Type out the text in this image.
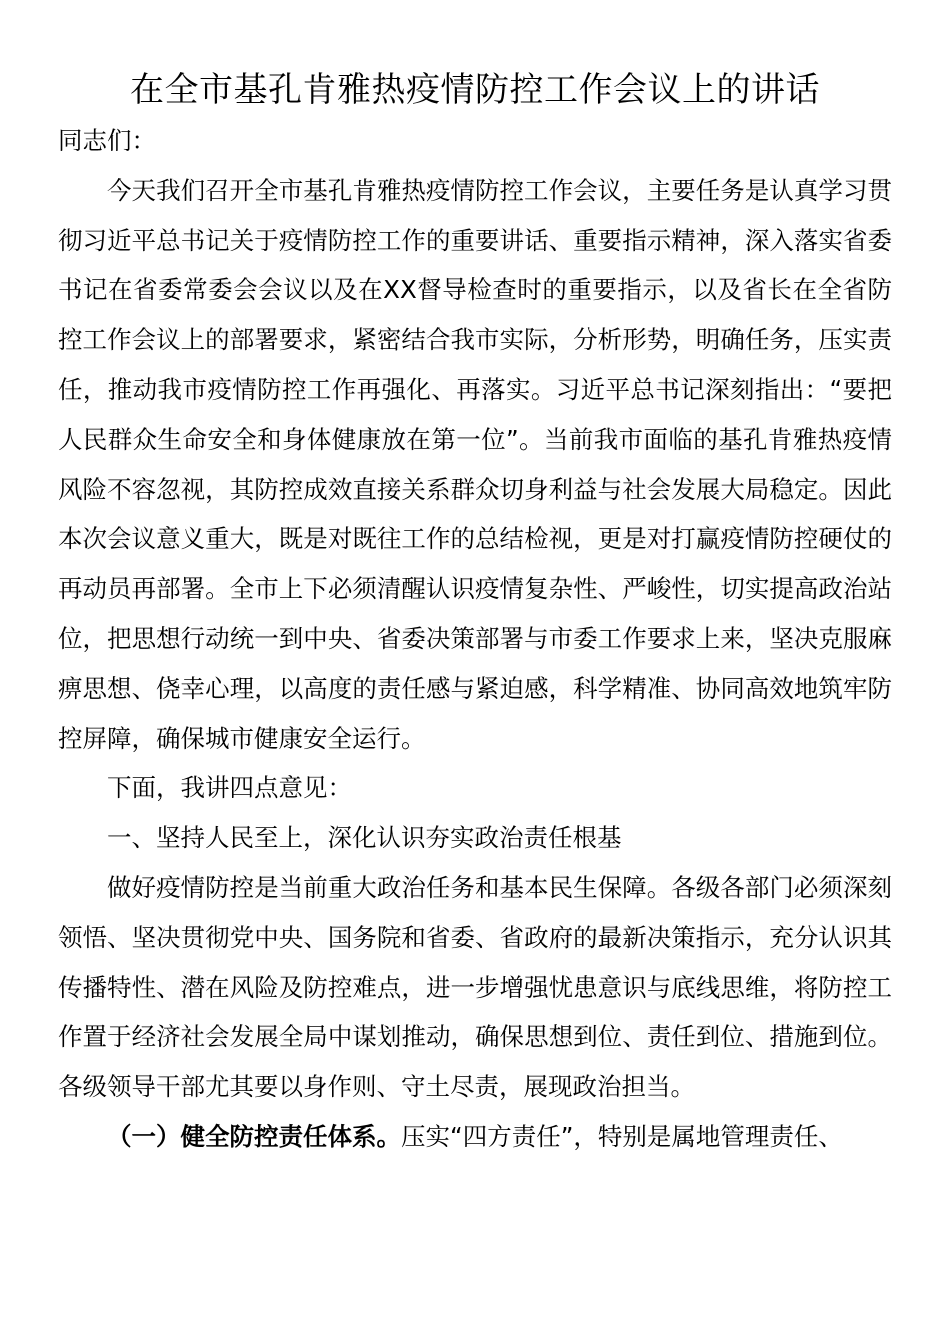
在全市基孔肯雅热疫情防控工作会议上的讲话

同志们：

今天我们召开全市基孔肯雅热疫情防控工作会议，主要任务是认真学习贯彻习近平总书记关于疫情防控工作的重要讲话、重要指示精神，深入落实省委书记在省委常委会会议以及在XX督导检查时的重要指示，以及省长在全省防控工作会议上的部署要求，紧密结合我市实际，分析形势，明确任务，压实责任，推动我市疫情防控工作再强化、再落实。习近平总书记深刻指出：“要把人民群众生命安全和身体健康放在第一位”。当前我市面临的基孔肯雅热疫情风险不容忽视，其防控成效直接关系群众切身利益与社会发展大局稳定。因此本次会议意义重大，既是对既往工作的总结检视，更是对打赢疫情防控硬仗的再动员再部署。全市上下必须清醒认识疫情复杂性、严峻性，切实提高政治站位，把思想行动统一到中央、省委决策部署与市委工作要求上来，坚决克服麻痹思想、侥幸心理，以高度的责任感与紧迫感，科学精准、协同高效地筑牢防控屏障，确保城市健康安全运行。

下面，我讲四点意见：

一、坚持人民至上，深化认识夯实政治责任根基

做好疫情防控是当前重大政治任务和基本民生保障。各级各部门必须深刻领悟、坚决贯彻党中央、国务院和省委、省政府的最新决策指示，充分认识其传播特性、潜在风险及防控难点，进一步增强忧患意识与底线思维，将防控工作置于经济社会发展全局中谋划推动，确保思想到位、责任到位、措施到位。各级领导干部尤其要以身作则、守土尽责，展现政治担当。

（一）健全防控责任体系。压实“四方责任”，特别是属地管理责任、
